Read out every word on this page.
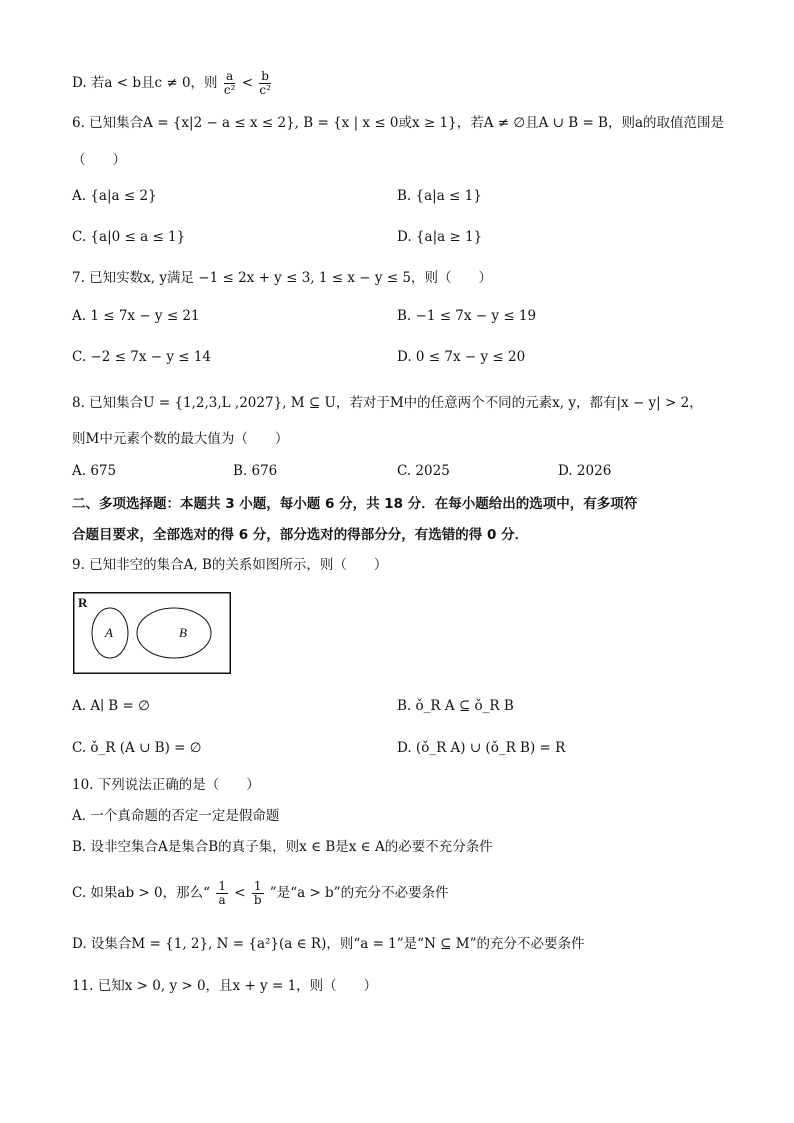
D. 若a < b且c ≠ 0，则 $\frac{a}{\text{c²}} < \frac{b}{\text{c²}}$
6. 已知集合A = {x|2 − a ≤ x ≤ 2}, B = {x | x ≤ 0或x ≥ 1}，若A ≠ ∅且A ∪ B = B，则a的取值范围是
（　　）
A. {a|a ≤ 2}	B. {a|a ≤ 1}
C. {a|0 ≤ a ≤ 1}	D. {a|a ≥ 1}
7. 已知实数x, y满足 −1 ≤ 2x + y ≤ 3, 1 ≤ x − y ≤ 5，则（　　）
A. 1 ≤ 7x − y ≤ 21	B. −1 ≤ 7x − y ≤ 19
C. −2 ≤ 7x − y ≤ 14	D. 0 ≤ 7x − y ≤ 20
8. 已知集合U = {1,2,3,L ,2027}, M ⊆ U，若对于M中的任意两个不同的元素x, y，都有|x − y| > 2，
则M中元素个数的最大值为（　　）
A. 675	B. 676	C. 2025	D. 2026
二、多项选择题：本题共 3 小题，每小题 6 分，共 18 分．在每小题给出的选项中，有多项符
合题目要求，全部选对的得 6 分，部分选对的得部分分，有选错的得 0 分．
9. 已知非空的集合A, B的关系如图所示，则（　　）
R
A	B
A. A∣ B = ∅	B. ǒ_R A ⊆ ǒ_R B
C. ǒ_R (A ∪ B) = ∅	D. (ǒ_R A) ∪ (ǒ_R B) = R
10. 下列说法正确的是（　　）
A. 一个真命题的否定一定是假命题
B. 设非空集合A是集合B的真子集，则x ∈ B是x ∈ A的必要不充分条件
C. 如果ab > 0，那么“ $\frac{1}{a} < \frac{1}{b}$ ”是“a > b”的充分不必要条件
D. 设集合M = {1, 2}, N = {a²}(a ∈ R)，则“a = 1”是“N ⊆ M”的充分不必要条件
11. 已知x > 0, y > 0，且x + y = 1，则（　　）
